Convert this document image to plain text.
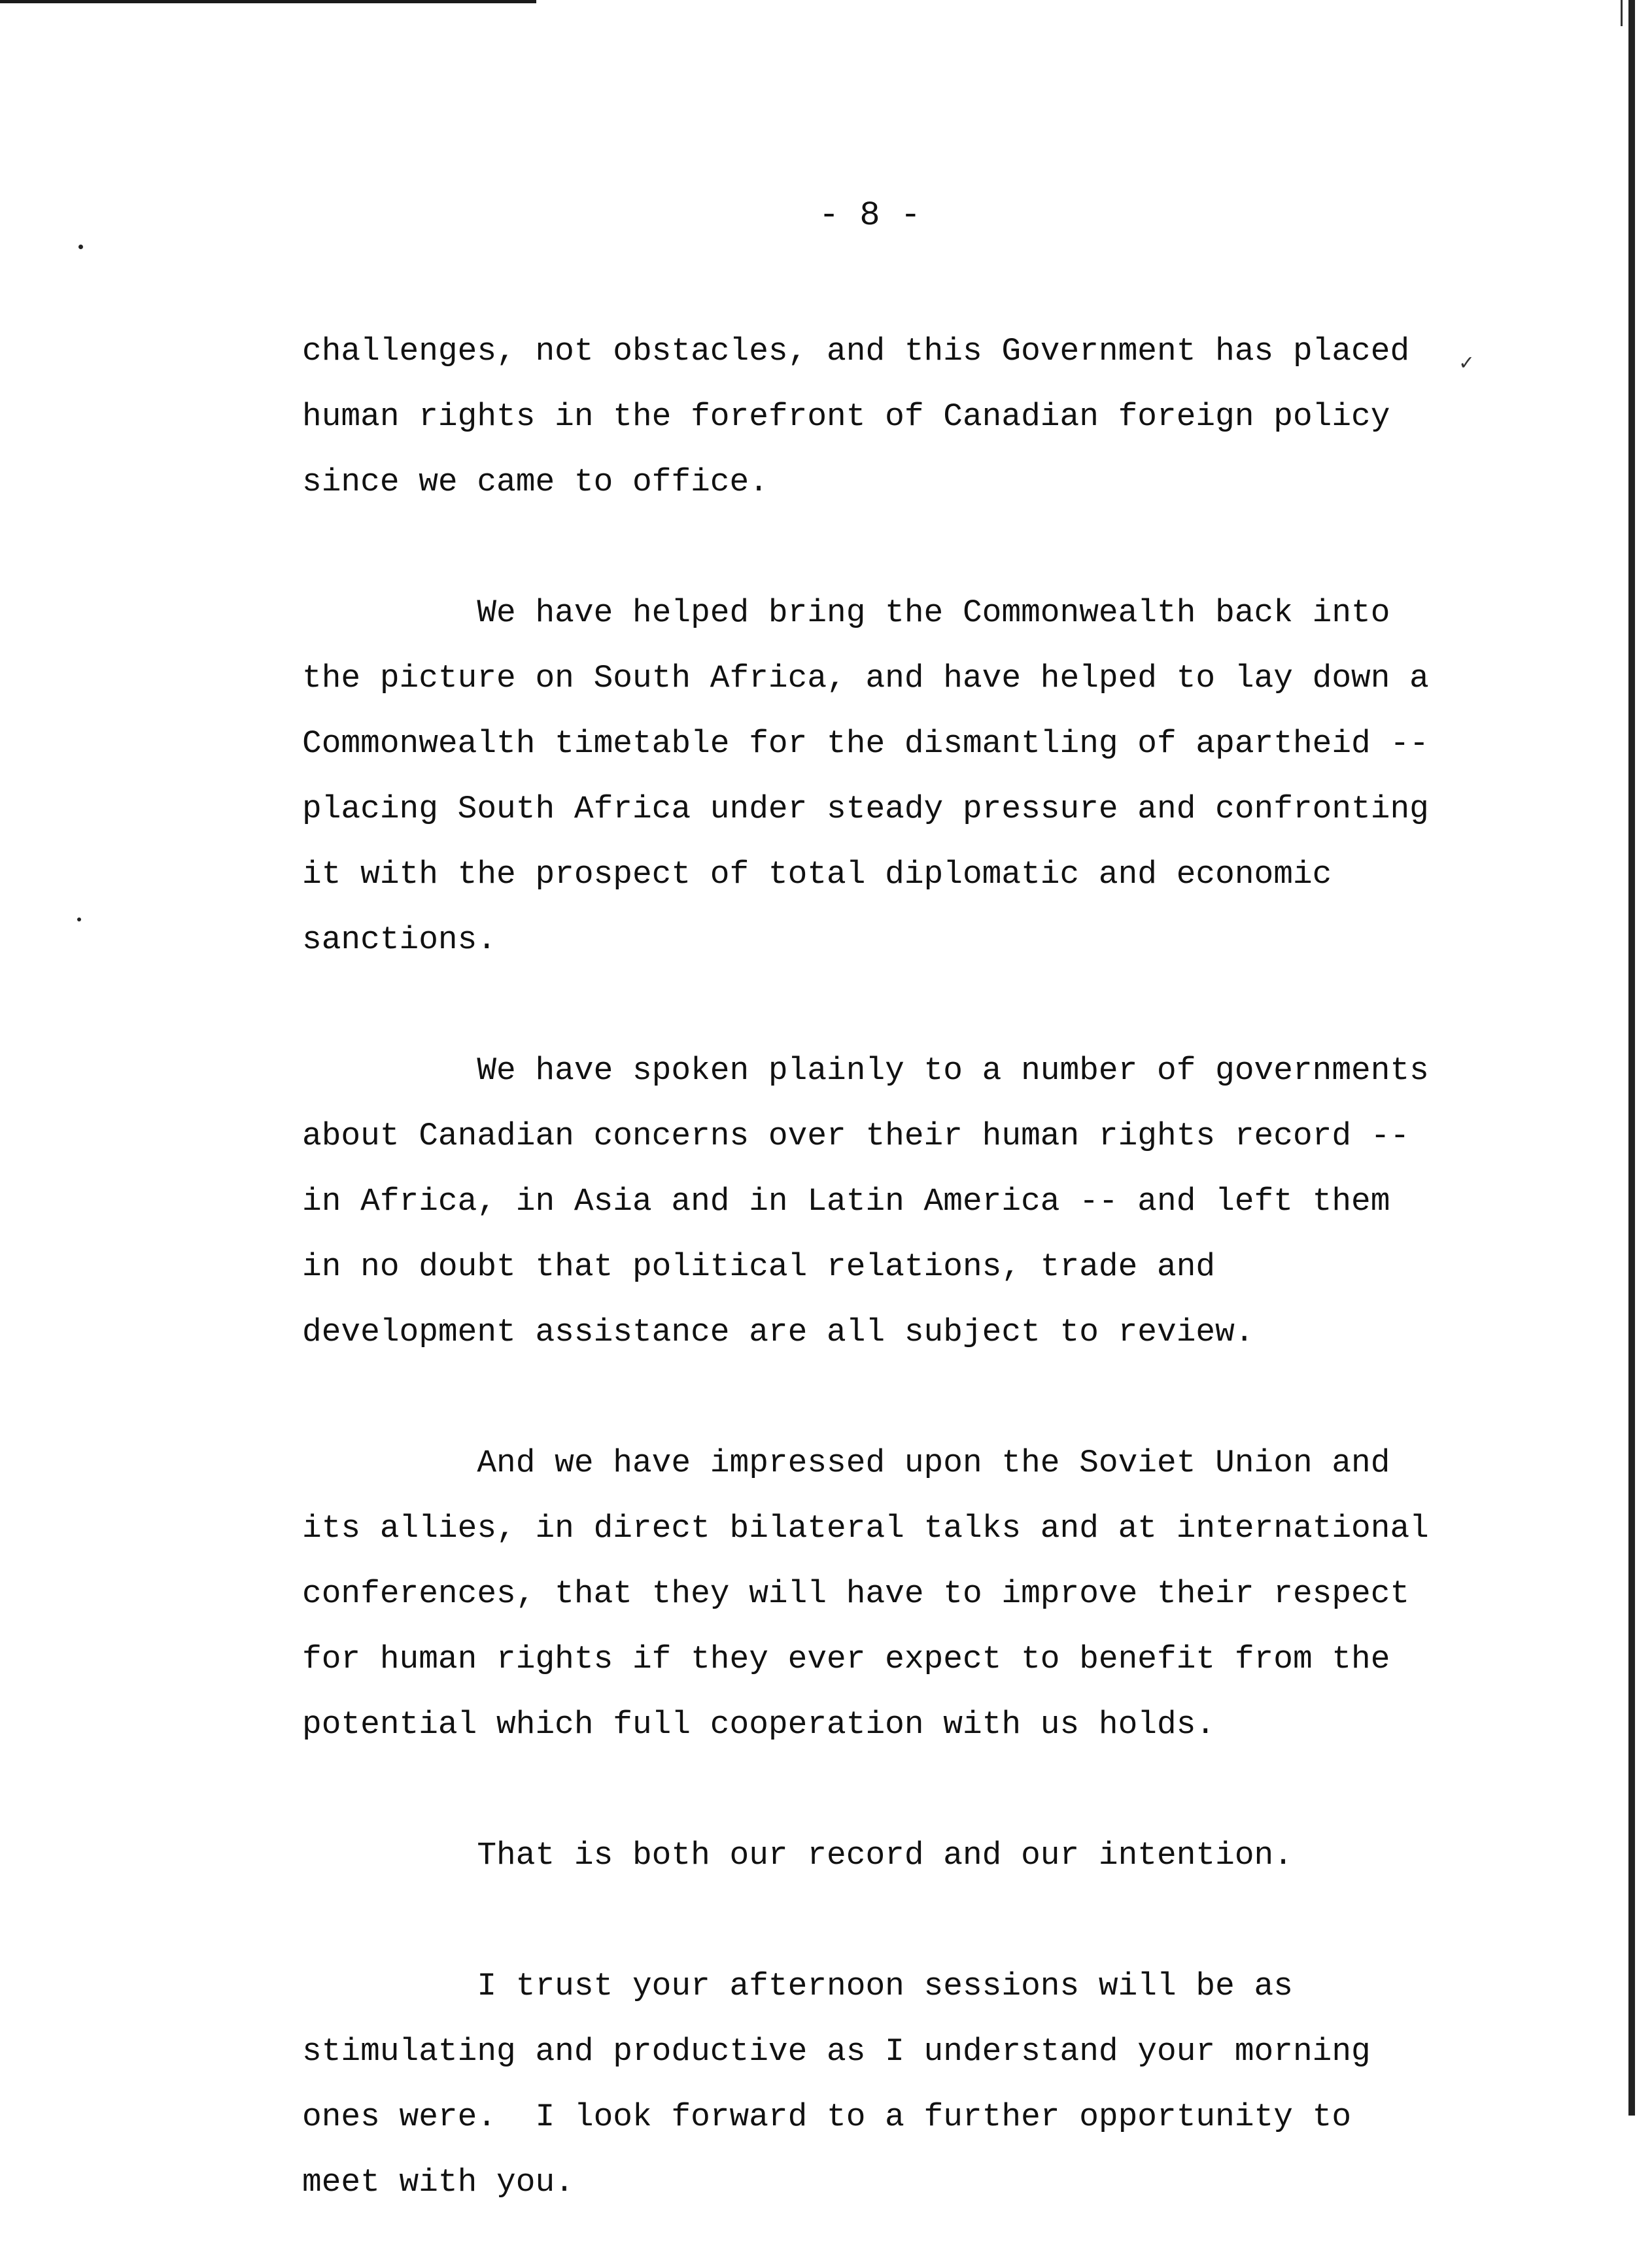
✓
- 8 -

challenges, not obstacles, and this Government has placed

human rights in the forefront of Canadian foreign policy

since we came to office.

We have helped bring the Commonwealth back into

the picture on South Africa, and have helped to lay down a

Commonwealth timetable for the dismantling of apartheid --

placing South Africa under steady pressure and confronting

it with the prospect of total diplomatic and economic

sanctions.

We have spoken plainly to a number of governments

about Canadian concerns over their human rights record --

in Africa, in Asia and in Latin America -- and left them

in no doubt that political relations, trade and

development assistance are all subject to review.

And we have impressed upon the Soviet Union and

its allies, in direct bilateral talks and at international

conferences, that they will have to improve their respect

for human rights if they ever expect to benefit from the

potential which full cooperation with us holds.

That is both our record and our intention.

I trust your afternoon sessions will be as

stimulating and productive as I understand your morning

ones were.  I look forward to a further opportunity to

meet with you.
